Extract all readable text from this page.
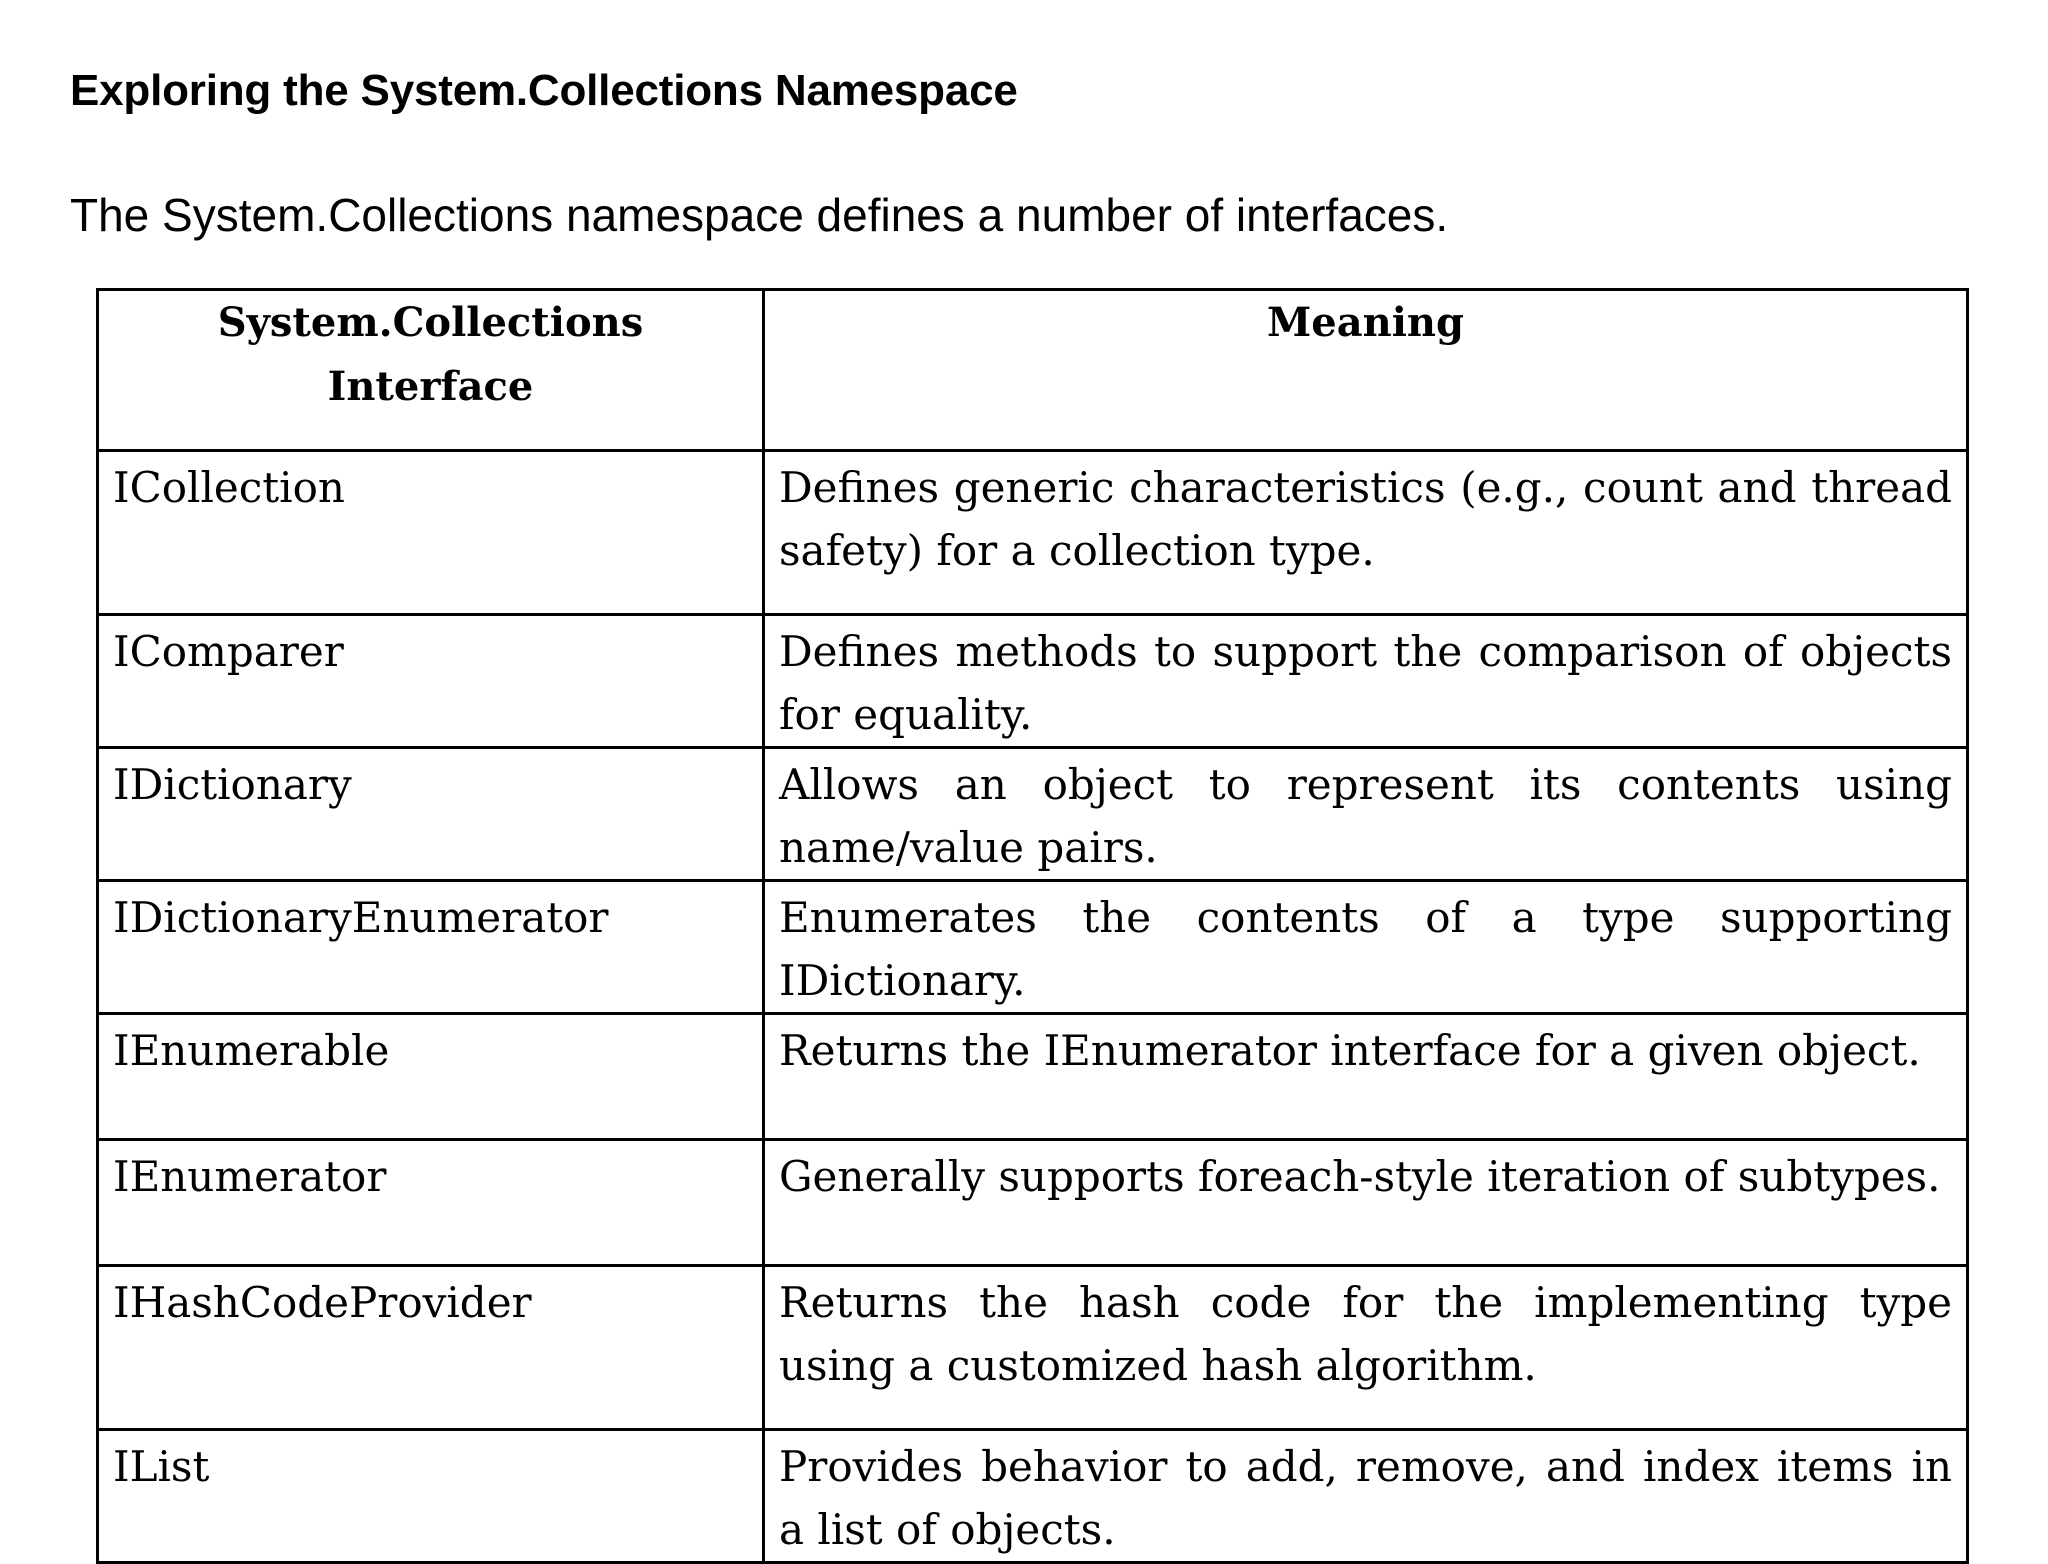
Exploring the System.Collections Namespace
The System.Collections namespace defines a number of interfaces.
System.Collections Interface	Meaning

ICollection	Defines generic characteristics (e.g., count and thread safety) for a collection type.

IComparer	Defines methods to support the comparison of objects for equality.

IDictionary	Allows an object to represent its contents using name/value pairs.

IDictionaryEnumerator	Enumerates the contents of a type supporting IDictionary.

IEnumerable	Returns the IEnumerator interface for a given object.

IEnumerator	Generally supports foreach-style iteration of subtypes.

IHashCodeProvider	Returns the hash code for the implementing type using a customized hash algorithm.

IList	Provides behavior to add, remove, and index items in a list of objects.
